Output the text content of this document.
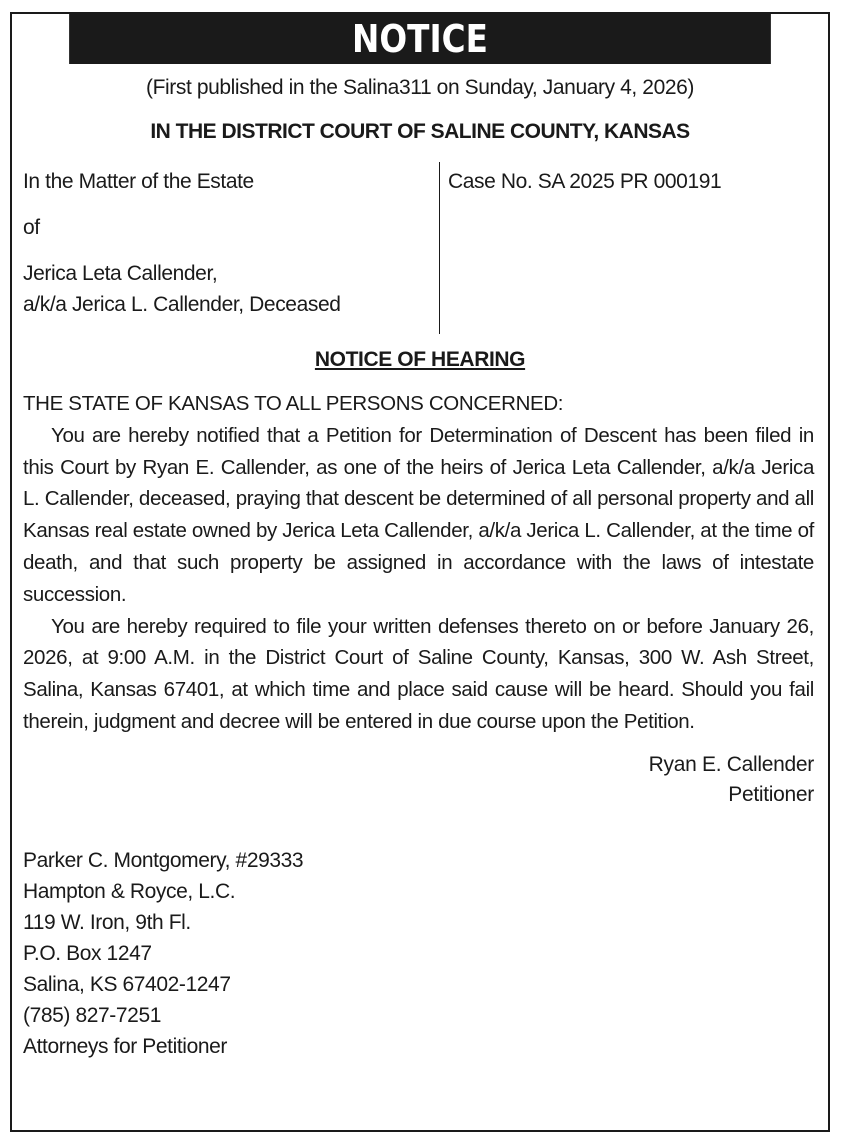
NOTICE
(First published in the Salina311 on Sunday, January 4, 2026)
IN THE DISTRICT COURT OF SALINE COUNTY, KANSAS
In the Matter of the Estate
of
Jerica Leta Callender,
a/k/a Jerica L. Callender, Deceased
Case No. SA 2025 PR 000191
NOTICE OF HEARING

THE STATE OF KANSAS TO ALL PERSONS CONCERNED:

You are hereby notified that a Petition for Determination of Descent has been filed in this Court by Ryan E. Callender, as one of the heirs of Jerica Leta Callender, a/k/a Jerica L. Callender, deceased, praying that descent be determined of all personal property and all Kansas real estate owned by Jerica Leta Callender, a/k/a Jerica L. Callender, at the time of death, and that such property be assigned in accordance with the laws of intestate succession.

You are hereby required to file your written defenses thereto on or before January 26, 2026, at 9:00 A.M. in the District Court of Saline County, Kansas, 300 W. Ash Street, Salina, Kansas 67401, at which time and place said cause will be heard. Should you fail therein, judgment and decree will be entered in due course upon the Petition.

Ryan E. Callender
Petitioner
Parker C. Montgomery, #29333
Hampton & Royce, L.C.
119 W. Iron, 9th Fl.
P.O. Box 1247
Salina, KS 67402-1247
(785) 827-7251
Attorneys for Petitioner
